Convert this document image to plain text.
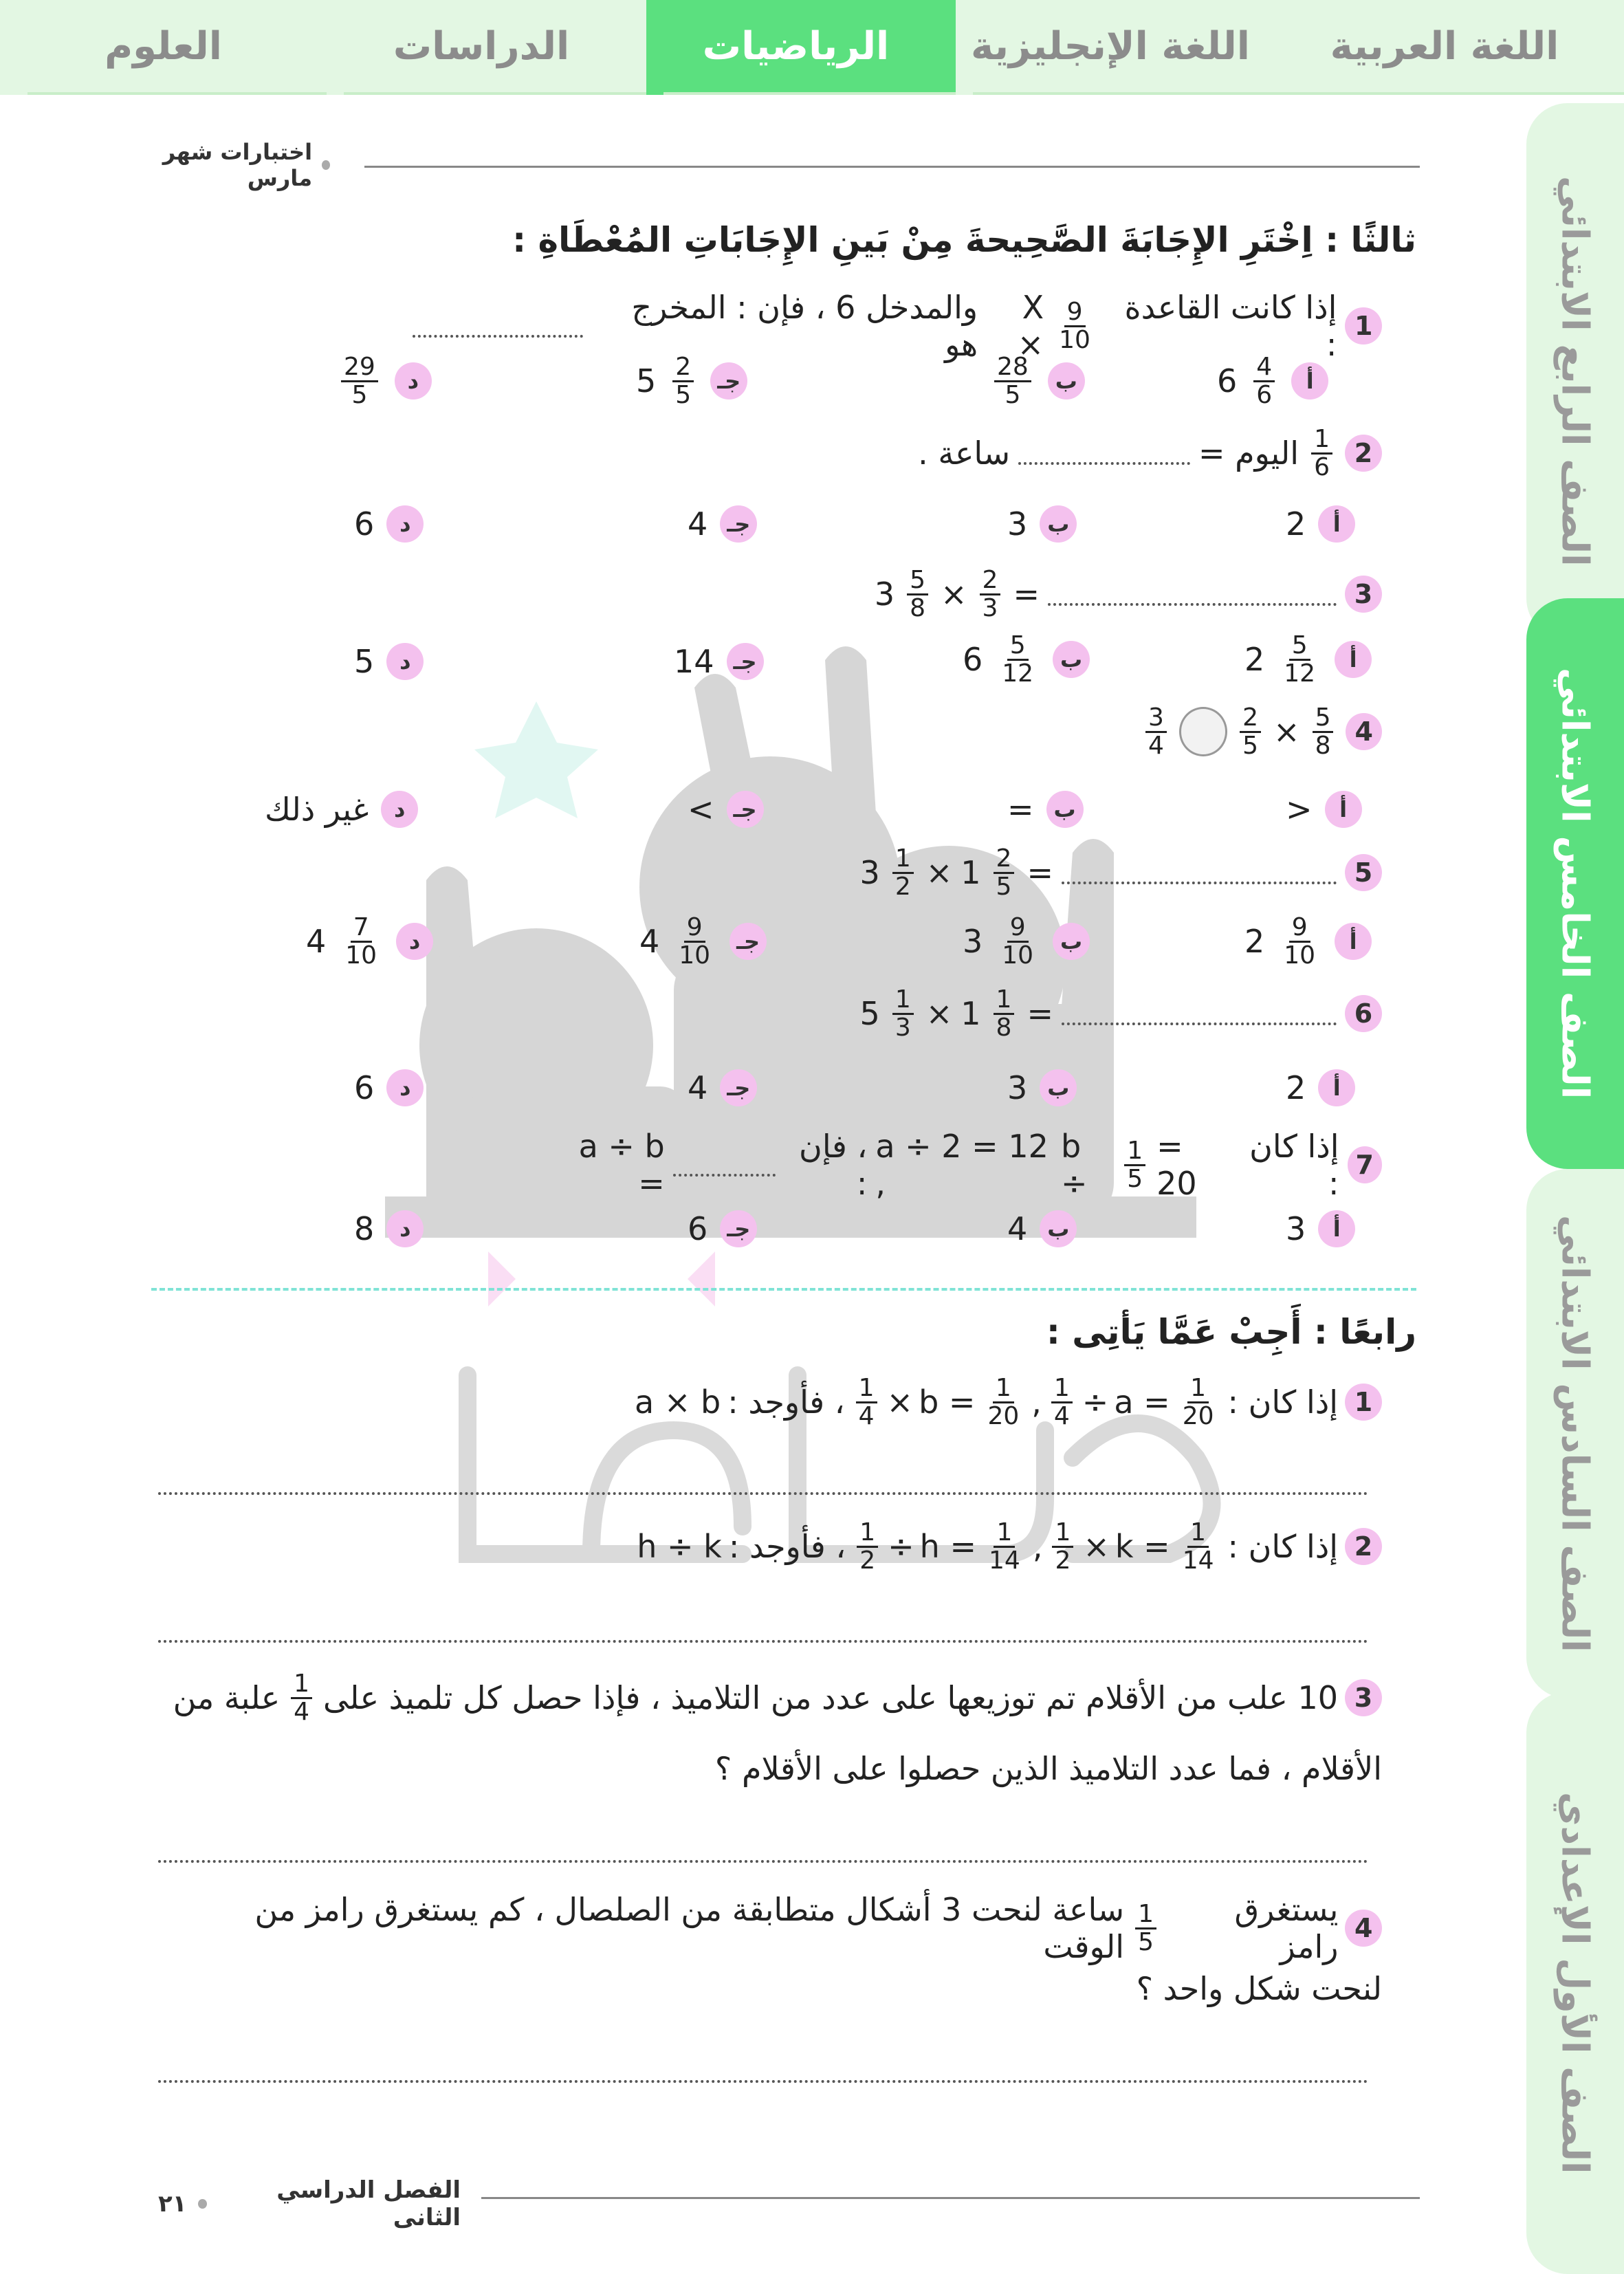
اللغة العربية
اللغة الإنجليزية
الرياضيات
الدراسات
العلوم
الصف الرابع الابتدائي
الصف الخامس الابتدائي
الصف السادس الابتدائي
الصف الأول الإعدادي
اختبارات شهر مارس
ثالثًا : اِخْتَرِ الإِجَابَةَ الصَّحِيحةَ مِنْ بَينِ الإِجَابَاتِ المُعْطَاةِ :
1
إذا كانت القاعدة :
$\frac{9}{10}$
X ×
والمدخل 6 ، فإن : المخرج هو
أ
$\frac{4}{6}$
6
ب
$\frac{28}{5}$
جـ
$\frac{2}{5}$
5
د
$\frac{29}{5}$
2
$\frac{1}{6}$
اليوم =
ساعة .
أ
2
ب
3
جـ
4
د
6
3
=
$\frac{2}{3}$
×
$\frac{5}{8}$
3
أ
$\frac{5}{12}$
2
ب
$\frac{5}{12}$
6
جـ
14
د
5
4
$\frac{5}{8}$
×
$\frac{2}{5}$
$\frac{3}{4}$
أ
<
ب
=
جـ
>
د
غير ذلك
5
=
$\frac{2}{5}$
1
×
$\frac{1}{2}$
3
أ
$\frac{9}{10}$
2
ب
$\frac{9}{10}$
3
جـ
$\frac{9}{10}$
4
د
$\frac{7}{10}$
4
6
=
$\frac{1}{8}$
1
×
$\frac{1}{3}$
5
أ
2
ب
3
جـ
4
د
6
7
إذا كان :
a ÷ 2 = 12 ,
b ÷	$\frac{1}{5} = 20$
، فإن :
a ÷ b =
أ
3
ب
4
جـ
6
د
8
رابعًا : أَجِبْ عَمَّا يَأتِى :
1
إذا كان :
$\frac{1}{4} \times b = \frac{1}{20}$ , $\frac{1}{4} \div a = \frac{1}{20}$
، فأوجد :
a × b
2
إذا كان :
$\frac{1}{2} \div h = \frac{1}{14}$ , $\frac{1}{2} \times k = \frac{1}{14}$
، فأوجد :
h ÷ k
3
10 علب من الأقلام تم توزيعها على عدد من التلاميذ ، فإذا حصل كل تلميذ على
$\frac{1}{4}$
علبة من
الأقلام ، فما عدد التلاميذ الذين حصلوا على الأقلام ؟
4
يستغرق رامز
$\frac{1}{5}$
ساعة لنحت 3 أشكال متطابقة من الصلصال ، كم يستغرق رامز من الوقت
لنحت شكل واحد ؟
الفصل الدراسي الثانى
٢١
